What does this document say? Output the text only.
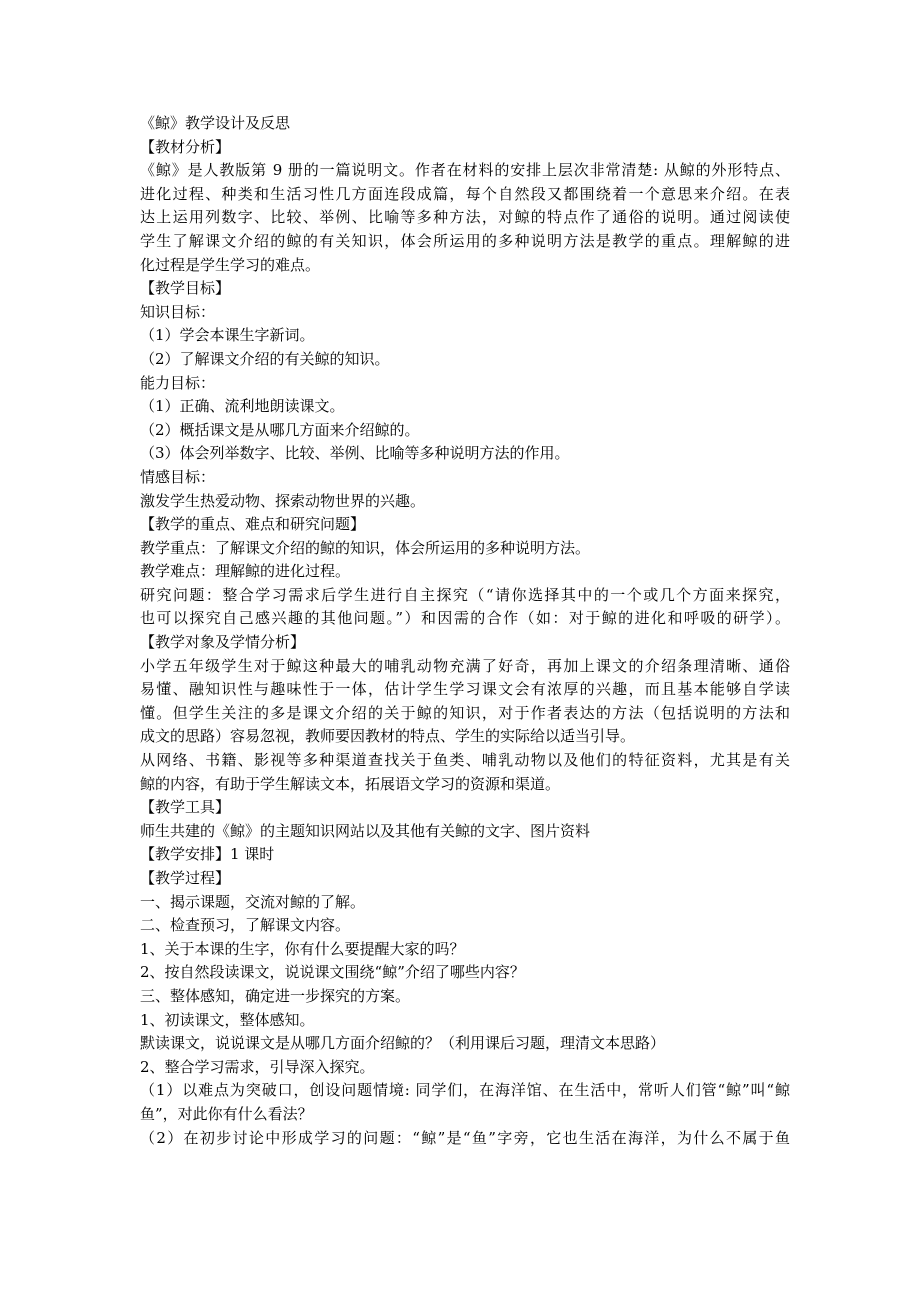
《鲸》教学设计及反思
【教材分析】
《鲸》是人教版第 9 册的一篇说明文。作者在材料的安排上层次非常清楚: 从鲸的外形特点、
进化过程、种类和生活习性几方面连段成篇，每个自然段又都围绕着一个意思来介绍。在表
达上运用列数字、比较、举例、比喻等多种方法，对鲸的特点作了通俗的说明。通过阅读使
学生了解课文介绍的鲸的有关知识，体会所运用的多种说明方法是教学的重点。理解鲸的进
化过程是学生学习的难点。
【教学目标】
知识目标：
（1）学会本课生字新词。
（2）了解课文介绍的有关鲸的知识。
能力目标：
（1）正确、流利地朗读课文。
（2）概括课文是从哪几方面来介绍鲸的。
（3）体会列举数字、比较、举例、比喻等多种说明方法的作用。
情感目标：
激发学生热爱动物、探索动物世界的兴趣。
【教学的重点、难点和研究问题】
教学重点：了解课文介绍的鲸的知识，体会所运用的多种说明方法。
教学难点：理解鲸的进化过程。
研究问题：整合学习需求后学生进行自主探究（“请你选择其中的一个或几个方面来探究，
也可以探究自己感兴趣的其他问题。”）和因需的合作（如：对于鲸的进化和呼吸的研学）。
【教学对象及学情分析】
小学五年级学生对于鲸这种最大的哺乳动物充满了好奇，再加上课文的介绍条理清晰、通俗
易懂、融知识性与趣味性于一体，估计学生学习课文会有浓厚的兴趣，而且基本能够自学读
懂。但学生关注的多是课文介绍的关于鲸的知识，对于作者表达的方法（包括说明的方法和
成文的思路）容易忽视，教师要因教材的特点、学生的实际给以适当引导。
从网络、书籍、影视等多种渠道查找关于鱼类、哺乳动物以及他们的特征资料，尤其是有关
鲸的内容，有助于学生解读文本，拓展语文学习的资源和渠道。
【教学工具】
师生共建的《鲸》的主题知识网站以及其他有关鲸的文字、图片资料
【教学安排】1 课时
【教学过程】
一、揭示课题，交流对鲸的了解。
二、检查预习，了解课文内容。
1、关于本课的生字，你有什么要提醒大家的吗？
2、按自然段读课文，说说课文围绕“鲸”介绍了哪些内容？
三、整体感知，确定进一步探究的方案。
1、初读课文，整体感知。
默读课文，说说课文是从哪几方面介绍鲸的？（利用课后习题，理清文本思路）
2、整合学习需求，引导深入探究。
（1）以难点为突破口，创设问题情境: 同学们，在海洋馆、在生活中，常听人们管“鲸”叫“鲸
鱼”，对此你有什么看法？
（2）在初步讨论中形成学习的问题：“鲸”是“鱼”字旁，它也生活在海洋，为什么不属于鱼
